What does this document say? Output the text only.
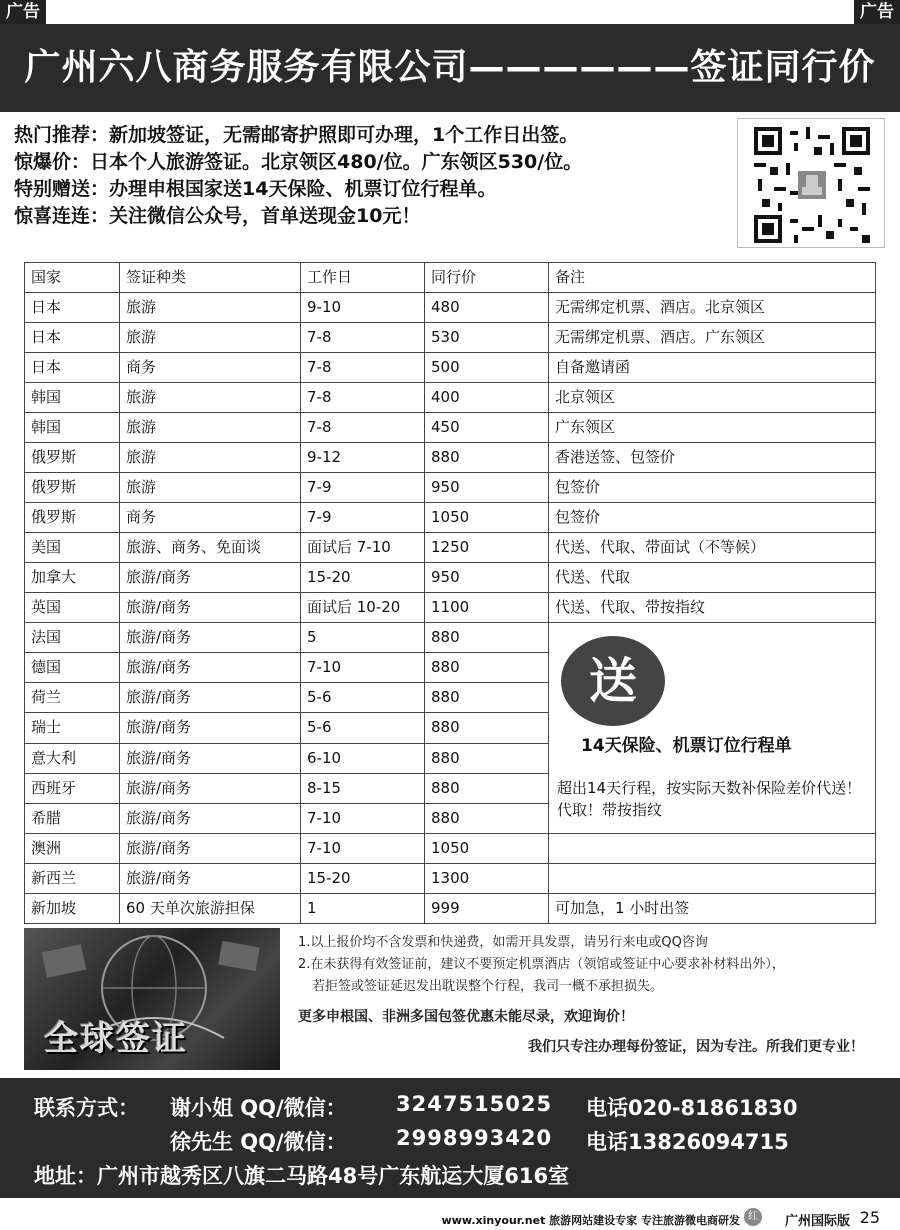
广告	广告
广州六八商务服务有限公司——————签证同行价
热门推荐：新加坡签证，无需邮寄护照即可办理，1个工作日出签。
惊爆价：日本个人旅游签证。北京领区480/位。广东领区530/位。
特别赠送：办理申根国家送14天保险、机票订位行程单。
惊喜连连：关注微信公众号，首单送现金10元！
国家	签证种类	工作日	同行价	备注
日本	旅游	9-10	480	无需绑定机票、酒店。北京领区
日本	旅游	7-8	530	无需绑定机票、酒店。广东领区
日本	商务	7-8	500	自备邀请函
韩国	旅游	7-8	400	北京领区
韩国	旅游	7-8	450	广东领区
俄罗斯	旅游	9-12	880	香港送签、包签价
俄罗斯	旅游	7-9	950	包签价
俄罗斯	商务	7-9	1050	包签价
美国	旅游、商务、免面谈	面试后 7-10	1250	代送、代取、带面试（不等候）
加拿大	旅游/商务	15-20	950	代送、代取
英国	旅游/商务	面试后 10-20	1100	代送、代取、带按指纹
法国	旅游/商务	5	880	送
14天保险、机票订位行程单
超出14天行程，按实际天数补保险差价代送！代取！带按指纹

德国	旅游/商务	7-10	880	
荷兰	旅游/商务	5-6	880	
瑞士	旅游/商务	5-6	880	
意大利	旅游/商务	6-10	880	
西班牙	旅游/商务	8-15	880	
希腊	旅游/商务	7-10	880	
澳洲	旅游/商务	7-10	1050	
新西兰	旅游/商务	15-20	1300	
新加坡	60 天单次旅游担保	1	999	可加急，1 小时出签
全球签证
1.以上报价均不含发票和快递费，如需开具发票，请另行来电或QQ咨询
2.在未获得有效签证前，建议不要预定机票酒店（领馆或签证中心要求补材料出外），
若拒签或签证延迟发出耽误整个行程，我司一概不承担损失。
更多申根国、非洲多国包签优惠未能尽录，欢迎询价！
我们只专注办理每份签证，因为专注。所我们更专业！
联系方式： 谢小姐 QQ/微信： 3247515025 电话020-81861830
徐先生 QQ/微信： 2998993420 电话13826094715
地址：广州市越秀区八旗二马路48号广东航运大厦616室
www.xinyour.net 旅游网站建设专家 专注旅游微电商研发 红	广州国际版 25
